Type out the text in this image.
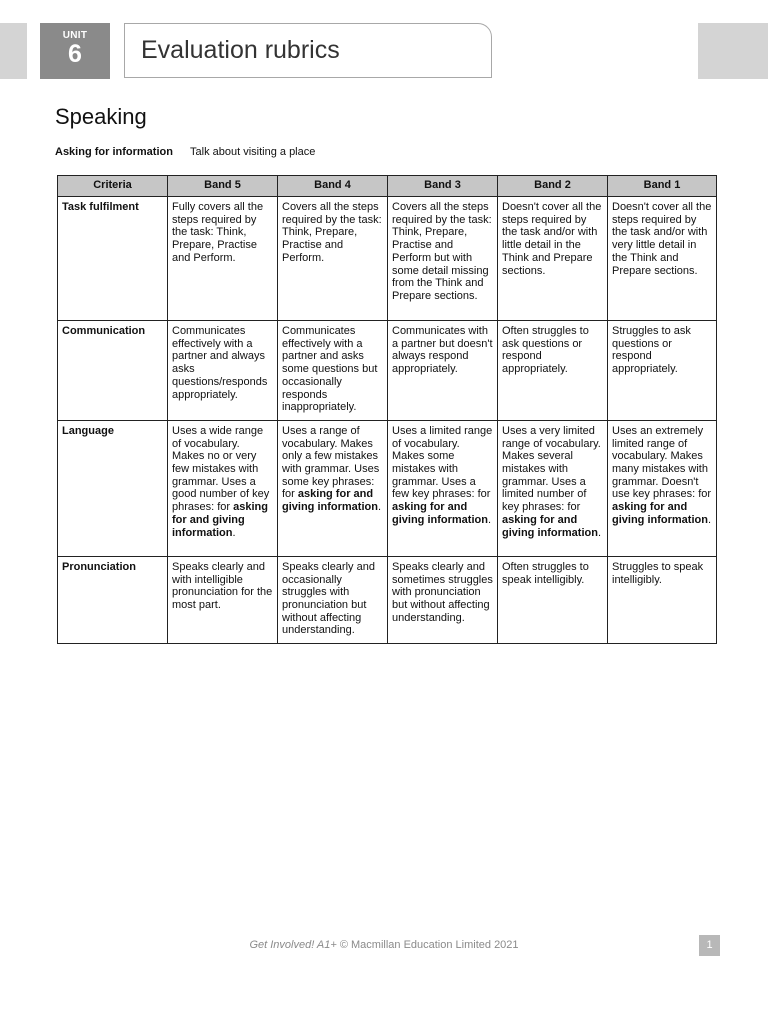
UNIT
6	Evaluation rubrics
Speaking
Asking for information Talk about visiting a place
Criteria	Band 5	Band 4	Band 3	Band 2	Band 1
Task fulfilment	Fully covers all the steps required by the task: Think, Prepare, Practise and Perform.	Covers all the steps required by the task: Think, Prepare, Practise and Perform.	Covers all the steps required by the task: Think, Prepare, Practise and Perform but with some detail missing from the Think and Prepare sections.	Doesn't cover all the steps required by the task and/or with little detail in the Think and Prepare sections.	Doesn't cover all the steps required by the task and/or with very little detail in the Think and Prepare sections.
Communication	Communicates effectively with a partner and always asks questions/responds appropriately.	Communicates effectively with a partner and asks some questions but occasionally responds inappropriately.	Communicates with a partner but doesn't always respond appropriately.	Often struggles to ask questions or respond appropriately.	Struggles to ask questions or respond appropriately.
Language	Uses a wide range of vocabulary. Makes no or very few mistakes with grammar. Uses a good number of key phrases: for asking for and giving information.	Uses a range of vocabulary. Makes only a few mistakes with grammar. Uses some key phrases: for asking for and giving information.	Uses a limited range of vocabulary. Makes some mistakes with grammar. Uses a few key phrases: for asking for and giving information.	Uses a very limited range of vocabulary. Makes several mistakes with grammar. Uses a limited number of key phrases: for asking for and giving information.	Uses an extremely limited range of vocabulary. Makes many mistakes with grammar. Doesn't use key phrases: for asking for and giving information.
Pronunciation	Speaks clearly and with intelligible pronunciation for the most part.	Speaks clearly and occasionally struggles with pronunciation but without affecting understanding.	Speaks clearly and sometimes struggles with pronunciation but without affecting understanding.	Often struggles to speak intelligibly.	Struggles to speak intelligibly.
Get Involved! A1+ © Macmillan Education Limited 2021	1
